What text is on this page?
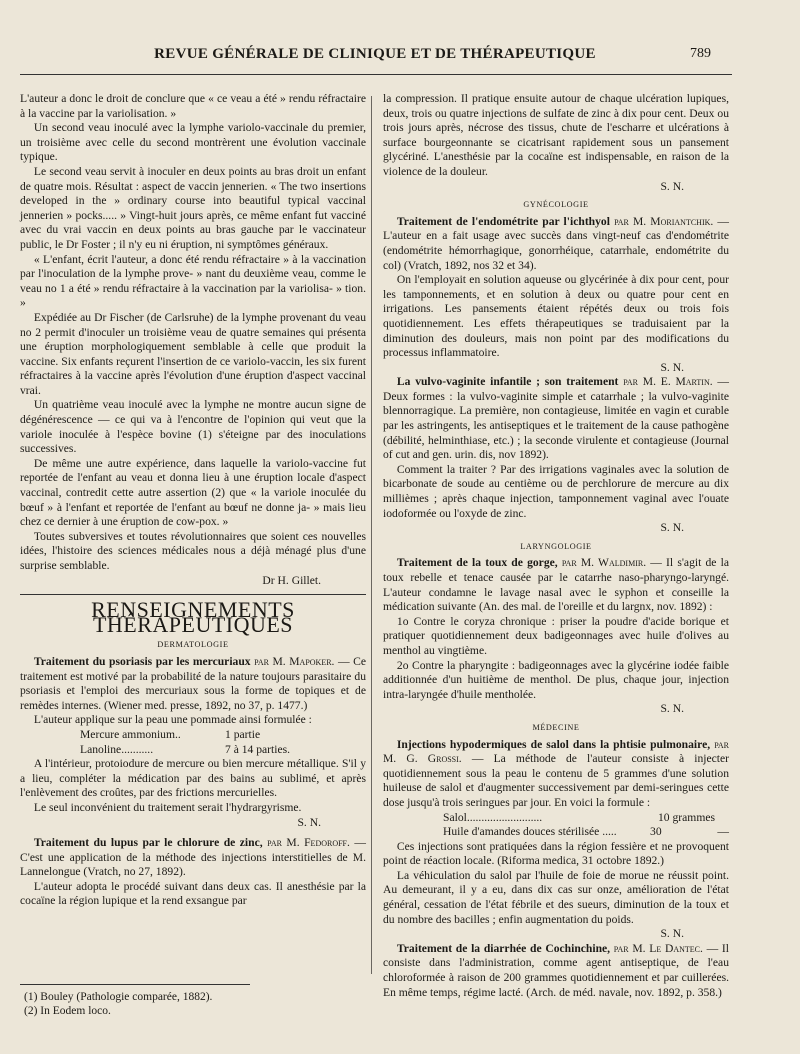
REVUE GÉNÉRALE DE CLINIQUE ET DE THÉRAPEUTIQUE	789

L'auteur a donc le droit de conclure que « ce veau a été » rendu réfractaire à la vaccine par la variolisation. »

Un second veau inoculé avec la lymphe variolo-vaccinale du premier, un troisième avec celle du second montrèrent une évolution vaccinale typique.

Le second veau servit à inoculer en deux points au bras droit un enfant de quatre mois. Résultat : aspect de vaccin jennerien. « The two insertions developed in the » ordinary course into beautiful typical vaccinal jennerien » pocks..... » Vingt-huit jours après, ce même enfant fut vacciné avec du vrai vaccin en deux points au bras gauche par le vaccinateur public, le Dr Foster ; il n'y eu ni éruption, ni symptômes généraux.

« L'enfant, écrit l'auteur, a donc été rendu réfractaire » à la vaccination par l'inoculation de la lymphe prove- » nant du deuxième veau, comme le veau no 1 a été » rendu réfractaire à la vaccination par la variolisa- » tion. »

Expédiée au Dr Fischer (de Carlsruhe) de la lymphe provenant du veau no 2 permit d'inoculer un troisième veau de quatre semaines qui présenta une éruption morphologiquement semblable à celle que produit la vaccine. Six enfants reçurent l'insertion de ce variolo-vaccin, les six furent réfractaires à la vaccine après l'évolution d'une éruption d'aspect vaccinal vrai.

Un quatrième veau inoculé avec la lymphe ne montre aucun signe de dégénérescence — ce qui va à l'encontre de l'opinion qui veut que la variole inoculée à l'espèce bovine (1) s'éteigne par des inoculations successives.

De même une autre expérience, dans laquelle la variolo-vaccine fut reportée de l'enfant au veau et donna lieu à une éruption locale d'aspect vaccinal, contredit cette autre assertion (2) que « la variole inoculée du bœuf » à l'enfant et reportée de l'enfant au bœuf ne donne ja- » mais lieu chez ce dernier à une éruption de cow-pox. »

Toutes subversives et toutes révolutionnaires que soient ces nouvelles idées, l'histoire des sciences médicales nous a déjà ménagé plus d'une surprise semblable.

Dr H. Gillet.
RENSEIGNEMENTS THÉRAPEUTIQUES
DERMATOLOGIE

Traitement du psoriasis par les mercuriaux par M. Mapoker. — Ce traitement est motivé par la probabilité de la nature toujours parasitaire du psoriasis et l'emploi des mercuriaux sous la forme de topiques et de remèdes internes. (Wiener med. presse, 1892, no 37, p. 1477.)

L'auteur applique sur la peau une pommade ainsi formulée :

Mercure ammonium..	1 partie
Lanoline...........	7 à 14 parties.

A l'intérieur, protoiodure de mercure ou bien mercure métallique. S'il y a lieu, compléter la médication par des bains au sublimé, et après l'enlèvement des croûtes, par des frictions mercurielles.

Le seul inconvénient du traitement serait l'hydrargyrisme.

S. N.

Traitement du lupus par le chlorure de zinc, par M. Fedoroff. — C'est une application de la méthode des injections interstitielles de M. Lannelongue (Vratch, no 27, 1892).

L'auteur adopta le procédé suivant dans deux cas. Il anesthésie par la cocaïne la région lupique et la rend exsangue par

la compression. Il pratique ensuite autour de chaque ulcération lupiques, deux, trois ou quatre injections de sulfate de zinc à dix pour cent. Deux ou trois jours après, nécrose des tissus, chute de l'escharre et ulcérations à surface bourgeonnante se cicatrisant rapidement sous un pansement glycériné. L'anesthésie par la cocaïne est indispensable, en raison de la violence de la douleur.

S. N.
GYNÉCOLOGIE

Traitement de l'endométrite par l'ichthyol par M. Moriantchik. — L'auteur en a fait usage avec succès dans vingt-neuf cas d'endométrite (endométrite hémorrhagique, gonorrhéique, catarrhale, endométrite du col) (Vratch, 1892, nos 32 et 34).

On l'employait en solution aqueuse ou glycérinée à dix pour cent, pour les tamponnements, et en solution à deux ou quatre pour cent en irrigations. Les pansements étaient répétés deux ou trois fois quotidiennement. Les effets thérapeutiques se traduisaient par la diminution des douleurs, mais non point par des modifications du processus inflammatoire.

S. N.

La vulvo-vaginite infantile ; son traitement par M. E. Martin. — Deux formes : la vulvo-vaginite simple et catarrhale ; la vulvo-vaginite blennorragique. La première, non contagieuse, limitée en vagin et curable par les astringents, les antiseptiques et le traitement de la cause pathogène (débilité, helminthiase, etc.) ; la seconde virulente et contagieuse (Journal of cut and gen. urin. dis, nov 1892).

Comment la traiter ? Par des irrigations vaginales avec la solution de bicarbonate de soude au centième ou de perchlorure de mercure au dix millièmes ; après chaque injection, tamponnement vaginal avec l'ouate iodoformée ou l'oxyde de zinc.

S. N.
LARYNGOLOGIE

Traitement de la toux de gorge, par M. Waldimir. — Il s'agit de la toux rebelle et tenace causée par le catarrhe naso-pharyngo-laryngé. L'auteur condamne le lavage nasal avec le syphon et conseille la médication suivante (An. des mal. de l'oreille et du largnx, nov. 1892) :

1o Contre le coryza chronique : priser la poudre d'acide borique et pratiquer quotidiennement deux badigeonnages avec huile d'olives au menthol au vingtième.

2o Contre la pharyngite : badigeonnages avec la glycérine iodée faible additionnée d'un huitième de menthol. De plus, chaque jour, injection intra-laryngée d'huile mentholée.

S. N.
MÉDECINE

Injections hypodermiques de salol dans la phtisie pulmonaire, par M. G. Grossi. — La méthode de l'auteur consiste à injecter quotidiennement sous la peau le contenu de 5 grammes d'une solution huileuse de salol et d'augmenter successivement par demi-seringues cette dose jusqu'à trois seringues par jour. En voici la formule :

Salol..........................	10 grammes
Huile d'amandes douces stérilisée .....	30	—

Ces injections sont pratiquées dans la région fessière et ne provoquent point de réaction locale. (Riforma medica, 31 octobre 1892.)

La véhiculation du salol par l'huile de foie de morue ne réussit point. Au demeurant, il y a eu, dans dix cas sur onze, amélioration de l'état général, cessation de l'état fébrile et des sueurs, diminution de la toux et du nombre des bacilles ; enfin augmentation du poids.

S. N.

Traitement de la diarrhée de Cochinchine, par M. Le Dantec. — Il consiste dans l'administration, comme agent antiseptique, de l'eau chloroformée à raison de 200 grammes quotidiennement et par cuillerées. En même temps, régime lacté. (Arch. de méd. navale, nov. 1892, p. 358.)

(1) Bouley (Pathologie comparée, 1882).
(2) In Eodem loco.
